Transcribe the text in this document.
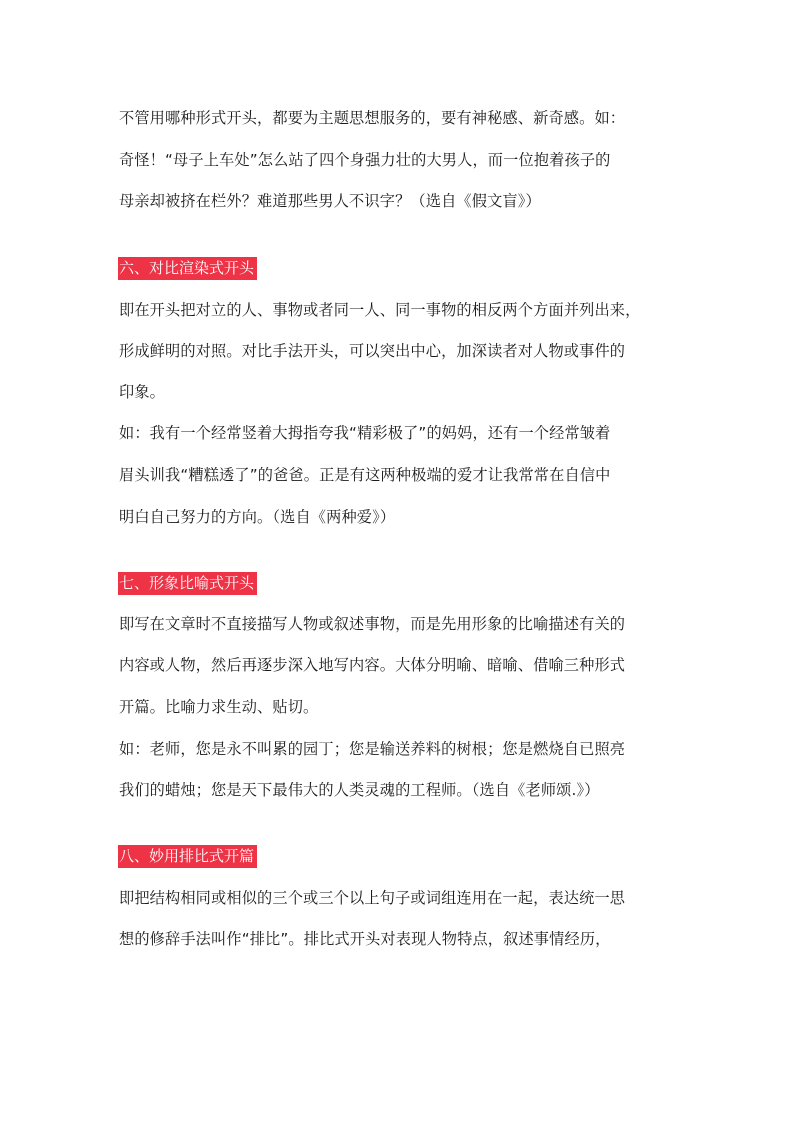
不管用哪种形式开头，都要为主题思想服务的，要有神秘感、新奇感。如：
奇怪！“母子上车处”怎么站了四个身强力壮的大男人，而一位抱着孩子的
母亲却被挤在栏外？难道那些男人不识字？（选自《假文盲》）
六、对比渲染式开头
即在开头把对立的人、事物或者同一人、同一事物的相反两个方面并列出来，
形成鲜明的对照。对比手法开头，可以突出中心，加深读者对人物或事件的
印象。
如：我有一个经常竖着大拇指夸我“精彩极了”的妈妈，还有一个经常皱着
眉头训我“糟糕透了”的爸爸。正是有这两种极端的爱才让我常常在自信中
明白自己努力的方向。（选自《两种爱》）
七、形象比喻式开头
即写在文章时不直接描写人物或叙述事物，而是先用形象的比喻描述有关的
内容或人物，然后再逐步深入地写内容。大体分明喻、暗喻、借喻三种形式
开篇。比喻力求生动、贴切。
如：老师，您是永不叫累的园丁；您是输送养料的树根；您是燃烧自已照亮
我们的蜡烛；您是天下最伟大的人类灵魂的工程师。（选自《老师颂.》）
八、妙用排比式开篇
即把结构相同或相似的三个或三个以上句子或词组连用在一起，表达统一思
想的修辞手法叫作“排比”。排比式开头对表现人物特点，叙述事情经历，
